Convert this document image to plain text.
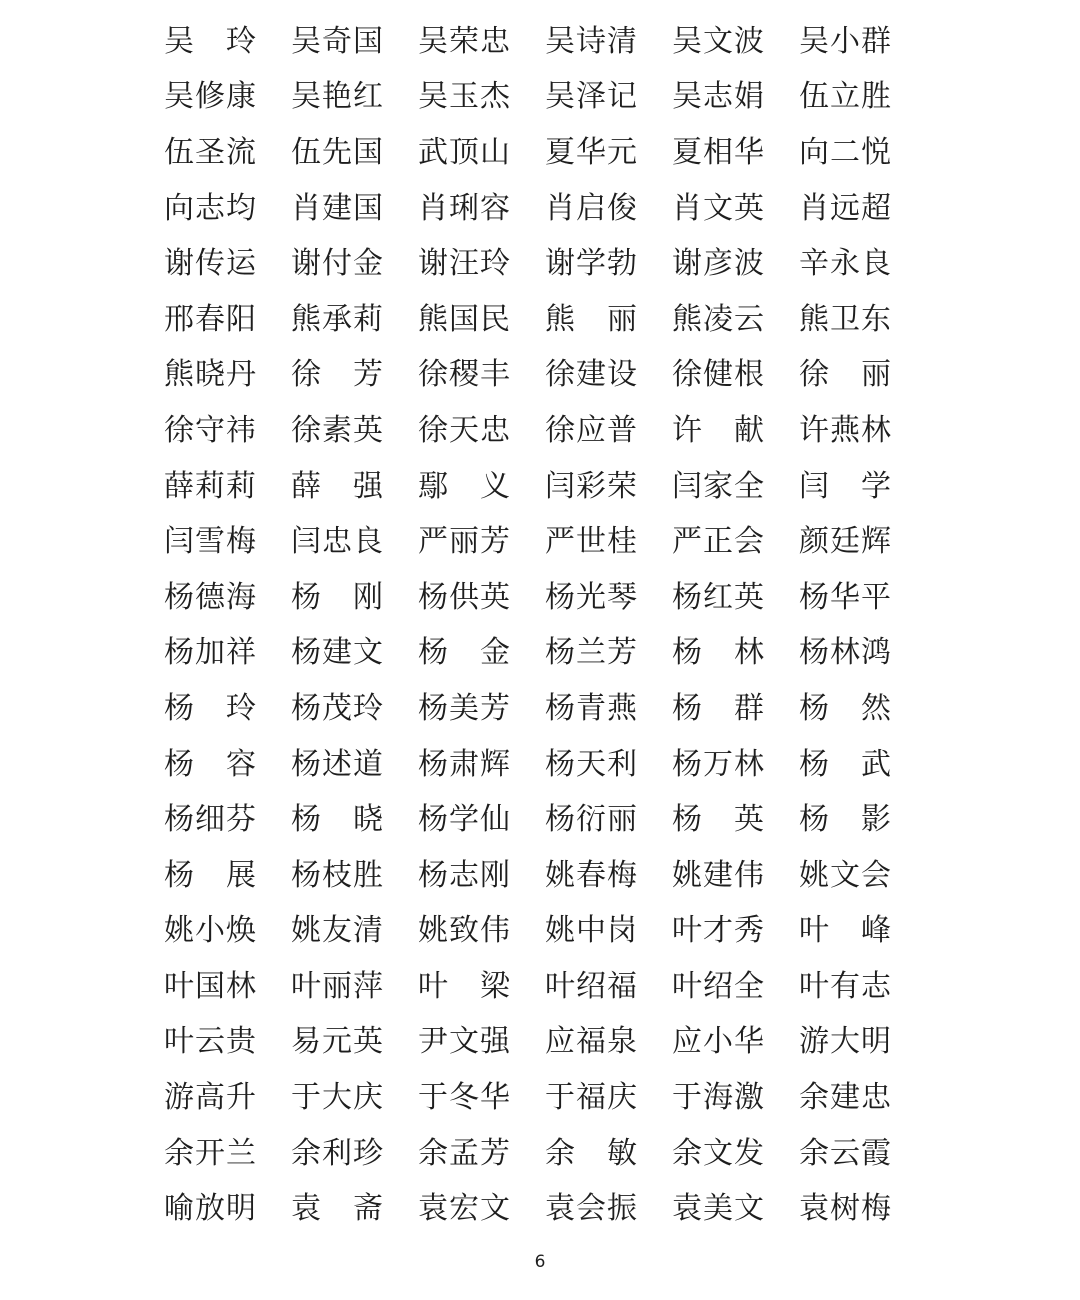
吴　玲 吴奇国 吴荣忠 吴诗清 吴文波 吴小群
吴修康 吴艳红 吴玉杰 吴泽记 吴志娟 伍立胜
伍圣流 伍先国 武顶山 夏华元 夏相华 向二悦
向志均 肖建国 肖琍容 肖启俊 肖文英 肖远超
谢传运 谢付金 谢汪玲 谢学勃 谢彦波 辛永良
邢春阳 熊承莉 熊国民 熊　丽 熊凌云 熊卫东
熊晓丹 徐　芳 徐稷丰 徐建设 徐健根 徐　丽
徐守祎 徐素英 徐天忠 徐应普 许　献 许燕林
薛莉莉 薛　强 鄢　义 闫彩荣 闫家全 闫　学
闫雪梅 闫忠良 严丽芳 严世桂 严正会 颜廷辉
杨德海 杨　刚 杨供英 杨光琴 杨红英 杨华平
杨加祥 杨建文 杨　金 杨兰芳 杨　林 杨林鸿
杨　玲 杨茂玲 杨美芳 杨青燕 杨　群 杨　然
杨　容 杨述道 杨肃辉 杨天利 杨万林 杨　武
杨细芬 杨　晓 杨学仙 杨衍丽 杨　英 杨　影
杨　展 杨枝胜 杨志刚 姚春梅 姚建伟 姚文会
姚小焕 姚友清 姚致伟 姚中岗 叶才秀 叶　峰
叶国林 叶丽萍 叶　梁 叶绍福 叶绍全 叶有志
叶云贵 易元英 尹文强 应福泉 应小华 游大明
游高升 于大庆 于冬华 于福庆 于海激 余建忠
余开兰 余利珍 余孟芳 余　敏 余文发 余云霞
喻放明 袁　斋 袁宏文 袁会振 袁美文 袁树梅
6
